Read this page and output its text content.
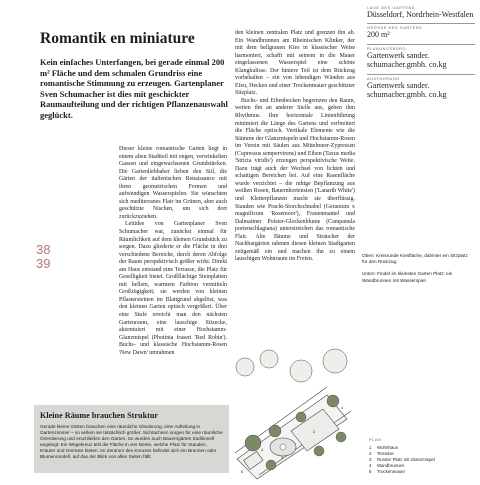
Romantik en miniature
Kein einfaches Unterfangen, bei gerade einmal 200 m² Fläche und dem schmalen Grundriss eine romantische Stimmung zu erzeugen. Gartenplaner Sven Schumacher ist dies mit geschickter Raumaufteilung und der richtigen Pflanzenauswahl geglückt.
38
39

Dieser kleine romantische Garten liegt in einem alten Stadtteil mit engen, verwinkelten Gassen und eingewachsenen Grundstücken. Die Gartenliebhaber lieben den Stil, die Gärten der italienischen Renaissance mit ihren geometrischen Formen und aufwendigen Wasserspielen. Sie wünschten sich mediterranes Flair im Grünen, aber auch geschützte Nischen, um sich dort zurückzuziehen.

Leitidee von Gartenplaner Sven Schumacher war, zunächst einmal für Räumlichkeit auf dem kleinen Grundstück zu sorgen. Dazu gliederte er die Fläche in drei verschiedene Bereiche, durch deren Abfolge der Raum perspektivisch größer wirkt. Direkt am Haus entstand eine Terrasse, die Platz für Geselligkeit bietet. Großflächige Steinplatten mit hellem, warmem Farbton vermitteln Großzügigkeit; sie werden von kleinen Pflastersteinen im Blattgrund abgelöst, was den kleinen Garten optisch vergrößert. Über eine Stufe erreicht man den nächsten Gartenraum, eine lauschige Sitzecke, akzentuiert mit einer Hochstamm-Glanzmispel (Photinia fraseri 'Red Robin'). Buchs- und klassische Hochstamm-Rosen 'New Dawn' umrahmen

den kleinen zentralen Platz und grenzen ihn ab. Ein Wandbrunnen am Rheinischen Klinker, der mit dem hellgrauen Kies in klassischer Weise harmoniert, schafft mit seinem in die Mauer eingelassenen Wasserspiel eine schöne Klangkulisse. Der hintere Teil ist dem Rückzug vorbehalten – ein von lebendigen Wänden aus Efeu, Hecken und einer Trockenmauer geschützter Sitzplatz.

Buchs- und Eibenhecken begrenzen den Raum, weiten ihn an anderer Stelle aus, geben ihm Rhythmus. Ihre horizontale Linienführung minimiert die Länge des Gartens und verbreitert die Fläche optisch. Vertikale Elemente wie die Stämme der Glanzmispeln und Hochstamm-Rosen im Verein mit Säulen aus Mittelmeer-Zypressen (Cupressus sempervirens) und Eiben (Taxus media 'Stricta viridis') erzeugen perspektivische Weite. Dazu trägt auch der Wechsel von lichten und schattigen Bereichen bei. Auf eine Rasenfläche wurde verzichtet – die ruhige Bepflanzung aus weißen Rosen, Bauernhortensien ('Lanarth White') und Kletterpflanzen macht sie überflüssig. Stauden wie Pracht-Storchschnabel (Geranium x magnificum 'Rosemoor'), Frauenmantel und Dalmatiner Polster-Glockenblume (Campanula portenschlagiana) unterstreichen das romantische Flair. Alte Bäume und Sträucher der Nachbargärten rahmen diesen kleinen Stadtgarten zeitgemäß ein und machen ihn zu einem lauschigen Wohnraum im Freien.

LAGE DES GARTENS
Düsseldorf, Nordrhein-Westfalen
GRÖSSE DES GARTENS
200 m²
PLANUNGSBÜRO
Gartenwerk sander. schumacher.gmbh. co.kg
AUSFÜHRUNG
Gartenwerk sander. schumacher.gmbh. co.kg

Oben: Kreisrunde Kiesfläche, dahinter ein Sitzplatz für den Rückzug.

Unten: Findet im kleinsten Garten Platz: ein Wandbrunnen mit Wasserspiel.

Kleine Räume brauchen Struktur
Gerade kleine Gärten brauchen eine räumliche Gliederung, eine Aufteilung in Gartenzimmer – so wirken sie tatsächlich größer. Sichtachsen sorgen für eine räumliche Orientierung und erschließen den Garten. So wurden auch Bauerngärten traditionell angelegt: Ein Wegekreuz teilt die Fläche in vier Beete, welche Platz für Stauden, Kräuter und Gemüse bieten. Im Zentrum des Kreuzes befindet sich ein Brunnen oder Blumenrondell, auf das der Blick von allen Seiten fällt.
5
4
3
2
1
PLAN
1	Wohnhaus
2	Terrasse
3	Runder Platz mit Glanzmispel
4	Wandbrunnen
5	Trockenmauer
